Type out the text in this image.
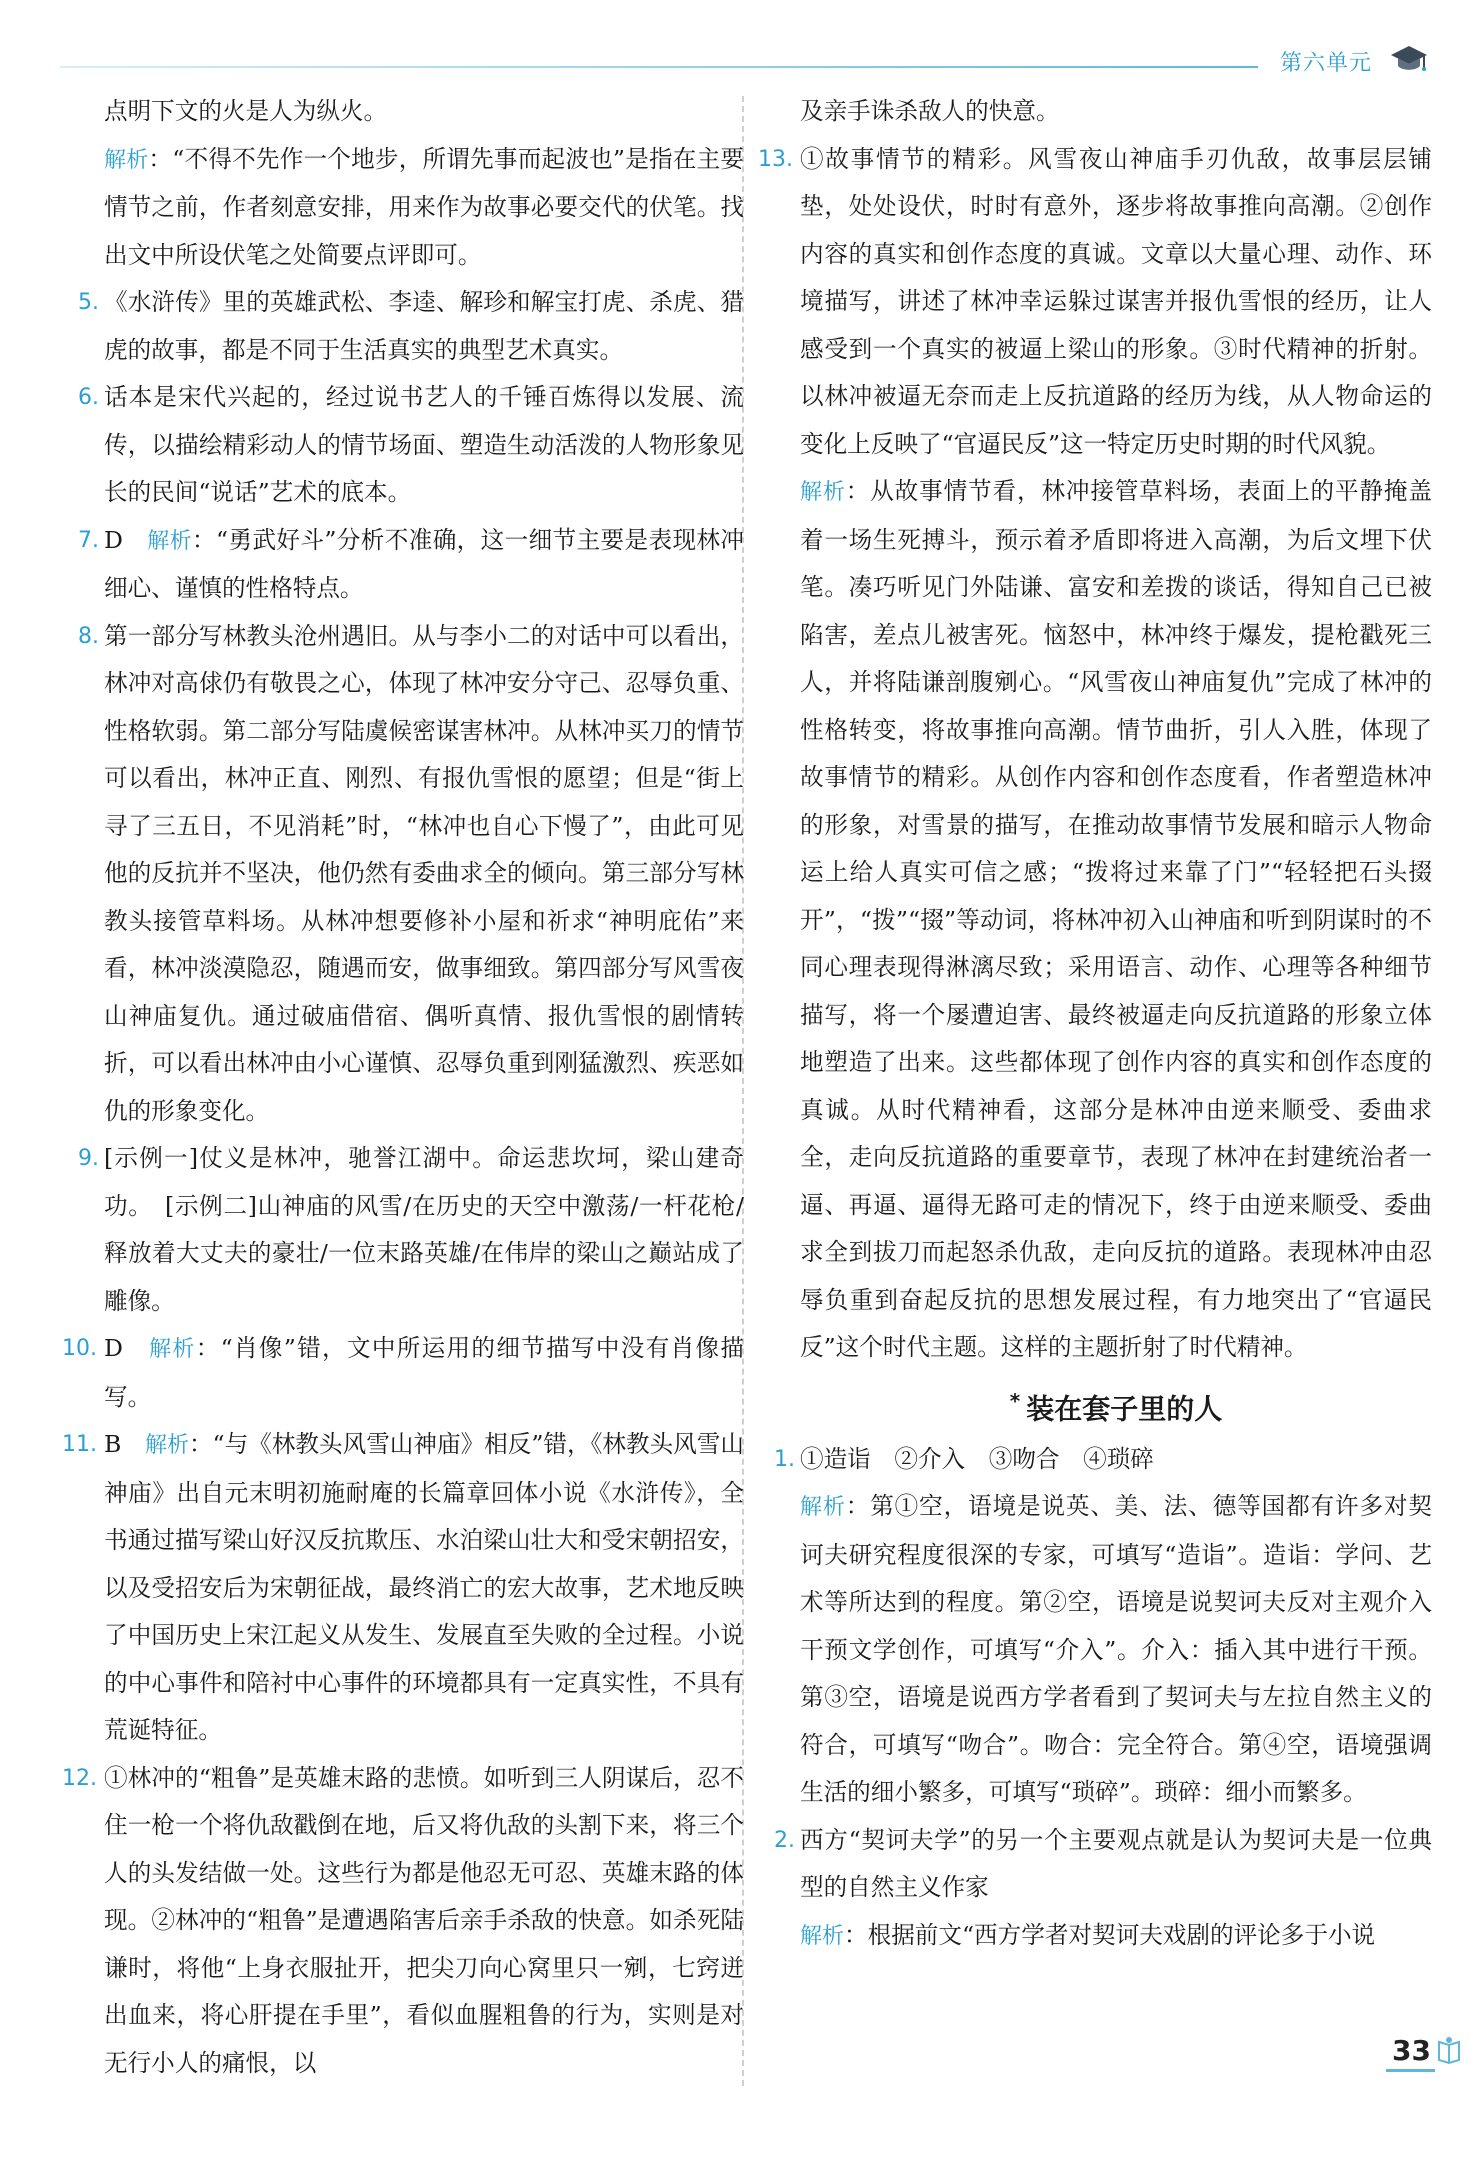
第六单元
点明下文的火是人为纵火。
解析：“不得不先作一个地步，所谓先事而起波也”是指在主要情节之前，作者刻意安排，用来作为故事必要交代的伏笔。找出文中所设伏笔之处简要点评即可。
5. 《水浒传》里的英雄武松、李逵、解珍和解宝打虎、杀虎、猎虎的故事，都是不同于生活真实的典型艺术真实。
6. 话本是宋代兴起的，经过说书艺人的千锤百炼得以发展、流传，以描绘精彩动人的情节场面、塑造生动活泼的人物形象见长的民间“说话”艺术的底本。
7. D　解析：“勇武好斗”分析不准确，这一细节主要是表现林冲细心、谨慎的性格特点。
8. 第一部分写林教头沧州遇旧。从与李小二的对话中可以看出，林冲对高俅仍有敬畏之心，体现了林冲安分守己、忍辱负重、性格软弱。第二部分写陆虞候密谋害林冲。从林冲买刀的情节可以看出，林冲正直、刚烈、有报仇雪恨的愿望；但是“街上寻了三五日，不见消耗”时，“林冲也自心下慢了”，由此可见他的反抗并不坚决，他仍然有委曲求全的倾向。第三部分写林教头接管草料场。从林冲想要修补小屋和祈求“神明庇佑”来看，林冲淡漠隐忍，随遇而安，做事细致。第四部分写风雪夜山神庙复仇。通过破庙借宿、偶听真情、报仇雪恨的剧情转折，可以看出林冲由小心谨慎、忍辱负重到刚猛激烈、疾恶如仇的形象变化。
9. [示例一]仗义是林冲，驰誉江湖中。命运悲坎坷，梁山建奇功。　[示例二]山神庙的风雪/在历史的天空中激荡/一杆花枪/释放着大丈夫的豪壮/一位末路英雄/在伟岸的梁山之巅站成了雕像。
10. D　解析：“肖像”错，文中所运用的细节描写中没有肖像描写。
11. B　解析：“与《林教头风雪山神庙》相反”错，《林教头风雪山神庙》出自元末明初施耐庵的长篇章回体小说《水浒传》，全书通过描写梁山好汉反抗欺压、水泊梁山壮大和受宋朝招安，以及受招安后为宋朝征战，最终消亡的宏大故事，艺术地反映了中国历史上宋江起义从发生、发展直至失败的全过程。小说的中心事件和陪衬中心事件的环境都具有一定真实性，不具有荒诞特征。
12. ①林冲的“粗鲁”是英雄末路的悲愤。如听到三人阴谋后，忍不住一枪一个将仇敌戳倒在地，后又将仇敌的头割下来，将三个人的头发结做一处。这些行为都是他忍无可忍、英雄末路的体现。②林冲的“粗鲁”是遭遇陷害后亲手杀敌的快意。如杀死陆谦时，将他“上身衣服扯开，把尖刀向心窝里只一剜，七窍迸出血来，将心肝提在手里”，看似血腥粗鲁的行为，实则是对无行小人的痛恨，以
及亲手诛杀敌人的快意。
13. ①故事情节的精彩。风雪夜山神庙手刃仇敌，故事层层铺垫，处处设伏，时时有意外，逐步将故事推向高潮。②创作内容的真实和创作态度的真诚。文章以大量心理、动作、环境描写，讲述了林冲幸运躲过谋害并报仇雪恨的经历，让人感受到一个真实的被逼上梁山的形象。③时代精神的折射。以林冲被逼无奈而走上反抗道路的经历为线，从人物命运的变化上反映了“官逼民反”这一特定历史时期的时代风貌。
解析：从故事情节看，林冲接管草料场，表面上的平静掩盖着一场生死搏斗，预示着矛盾即将进入高潮，为后文埋下伏笔。凑巧听见门外陆谦、富安和差拨的谈话，得知自己已被陷害，差点儿被害死。恼怒中，林冲终于爆发，提枪戳死三人，并将陆谦剖腹剜心。“风雪夜山神庙复仇”完成了林冲的性格转变，将故事推向高潮。情节曲折，引人入胜，体现了故事情节的精彩。从创作内容和创作态度看，作者塑造林冲的形象，对雪景的描写，在推动故事情节发展和暗示人物命运上给人真实可信之感；“拨将过来靠了门”“轻轻把石头掇开”，“拨”“掇”等动词，将林冲初入山神庙和听到阴谋时的不同心理表现得淋漓尽致；采用语言、动作、心理等各种细节描写，将一个屡遭迫害、最终被逼走向反抗道路的形象立体地塑造了出来。这些都体现了创作内容的真实和创作态度的真诚。从时代精神看，这部分是林冲由逆来顺受、委曲求全，走向反抗道路的重要章节，表现了林冲在封建统治者一逼、再逼、逼得无路可走的情况下，终于由逆来顺受、委曲求全到拔刀而起怒杀仇敌，走向反抗的道路。表现林冲由忍辱负重到奋起反抗的思想发展过程，有力地突出了“官逼民反”这个时代主题。这样的主题折射了时代精神。
* 装在套子里的人
1. ①造诣　②介入　③吻合　④琐碎
解析：第①空，语境是说英、美、法、德等国都有许多对契诃夫研究程度很深的专家，可填写“造诣”。造诣：学问、艺术等所达到的程度。第②空，语境是说契诃夫反对主观介入干预文学创作，可填写“介入”。介入：插入其中进行干预。第③空，语境是说西方学者看到了契诃夫与左拉自然主义的符合，可填写“吻合”。吻合：完全符合。第④空，语境强调生活的细小繁多，可填写“琐碎”。琐碎：细小而繁多。
2. 西方“契诃夫学”的另一个主要观点就是认为契诃夫是一位典型的自然主义作家
解析：根据前文“西方学者对契诃夫戏剧的评论多于小说
33
